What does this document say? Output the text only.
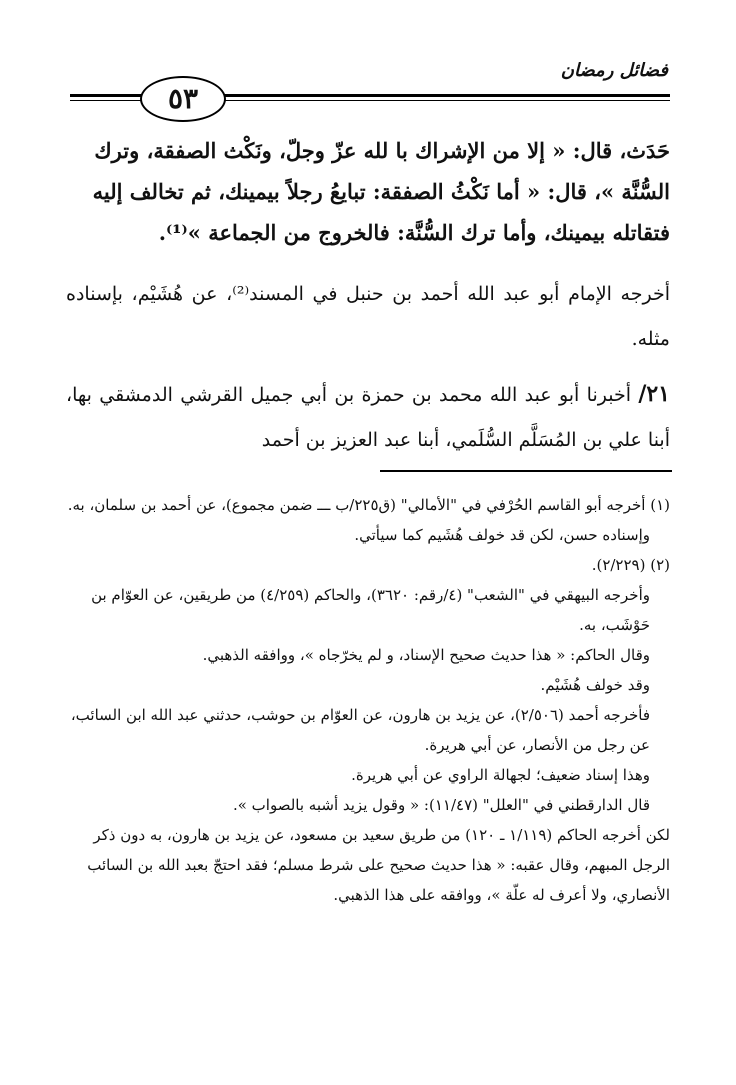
فضائل رمضان
٥٣
حَدَث، قال: « إلا من الإشراك با لله عزّ وجلّ، ونَكْث الصفقة، وترك
السُّنَّة »، قال: « أما نَكْثُ الصفقة: تبايعُ رجلاً بيمينك، ثم تخالف إليه
فتقاتله بيمينك، وأما ترك السُّنَّة: فالخروج من الجماعة »⁽¹⁾.
أخرجه الإمام أبو عبد الله أحمد بن حنبل في المسند⁽²⁾، عن هُشَيْم، بإسناده مثله.
٢١/ أخبرنا أبو عبد الله محمد بن حمزة بن أبي جميل القرشي الدمشقي بها، أبنا علي بن المُسَلَّم السُّلَمي، أبنا عبد العزيز بن أحمد

(١) أخرجه أبو القاسم الحُرْفي في "الأمالي" (ق٢٢٥/ب ـــ ضمن مجموع)، عن أحمد بن سلمان، به.

وإسناده حسن، لكن قد خولف هُشَيم كما سيأتي.

(٢) (٢/٢٢٩).

وأخرجه البيهقي في "الشعب" (٤/رقم: ٣٦٢٠)، والحاكم (٤/٢٥٩) من طريقين، عن العوّام بن حَوْشَب، به.

وقال الحاكم: « هذا حديث صحيح الإسناد، و لم يخرّجاه »، ووافقه الذهبي.

وقد خولف هُشَيْم.

فأخرجه أحمد (٢/٥٠٦)، عن يزيد بن هارون، عن العوّام بن حوشب، حدثني عبد الله ابن السائب، عن رجل من الأنصار، عن أبي هريرة.

وهذا إسناد ضعيف؛ لجهالة الراوي عن أبي هريرة.

قال الدارقطني في "العلل" (١١/٤٧): « وقول يزيد أشبه بالصواب ».

لكن أخرجه الحاكم (١/١١٩ ـ ١٢٠) من طريق سعيد بن مسعود، عن يزيد بن هارون، به دون ذكر الرجل المبهم، وقال عقبه: « هذا حديث صحيح على شرط مسلم؛ فقد احتجّ بعبد الله بن السائب الأنصاري، ولا أعرف له علّة »، ووافقه على هذا الذهبي.
